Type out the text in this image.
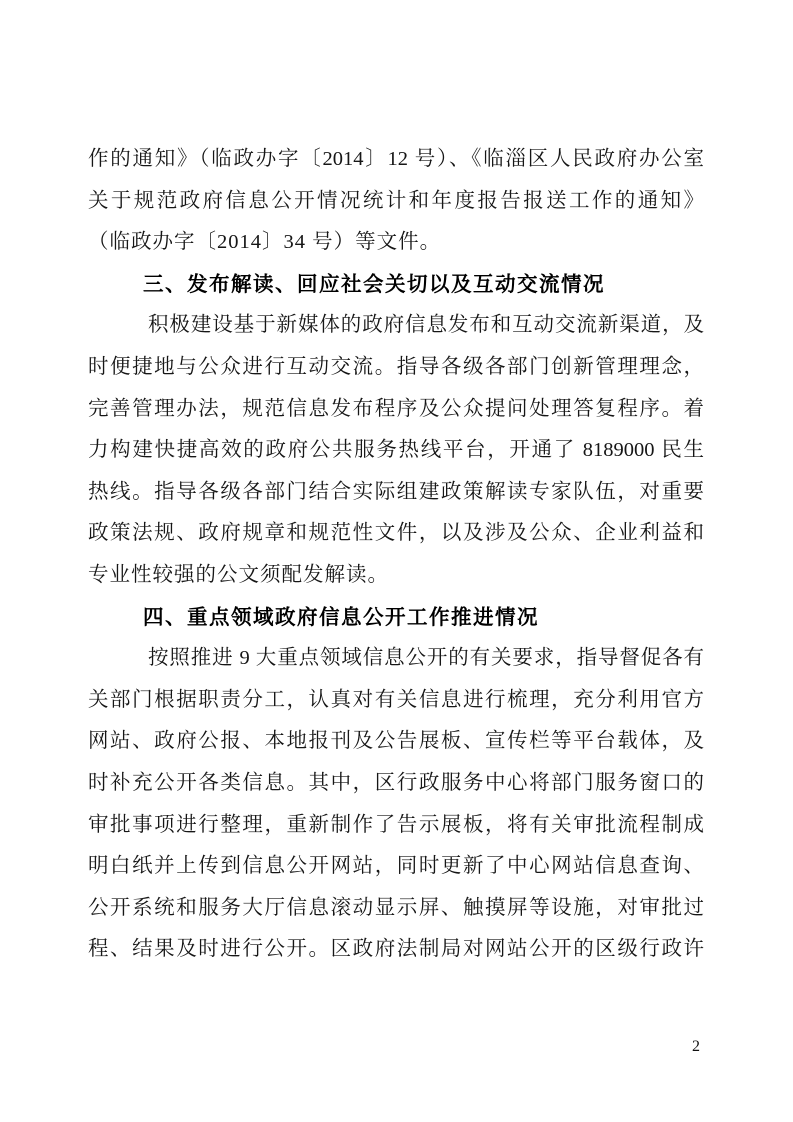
作的通知》（临政办字〔2014〕12 号）、《临淄区人民政府办公室
关于规范政府信息公开情况统计和年度报告报送工作的通知》
（临政办字〔2014〕34 号）等文件。
三、发布解读、回应社会关切以及互动交流情况
积极建设基于新媒体的政府信息发布和互动交流新渠道，及
时便捷地与公众进行互动交流。指导各级各部门创新管理理念，
完善管理办法，规范信息发布程序及公众提问处理答复程序。着
力构建快捷高效的政府公共服务热线平台，开通了 8189000 民生
热线。指导各级各部门结合实际组建政策解读专家队伍，对重要
政策法规、政府规章和规范性文件，以及涉及公众、企业利益和
专业性较强的公文须配发解读。
四、重点领域政府信息公开工作推进情况
按照推进 9 大重点领域信息公开的有关要求，指导督促各有
关部门根据职责分工，认真对有关信息进行梳理，充分利用官方
网站、政府公报、本地报刊及公告展板、宣传栏等平台载体，及
时补充公开各类信息。其中，区行政服务中心将部门服务窗口的
审批事项进行整理，重新制作了告示展板，将有关审批流程制成
明白纸并上传到信息公开网站，同时更新了中心网站信息查询、
公开系统和服务大厅信息滚动显示屏、触摸屏等设施，对审批过
程、结果及时进行公开。区政府法制局对网站公开的区级行政许
2
